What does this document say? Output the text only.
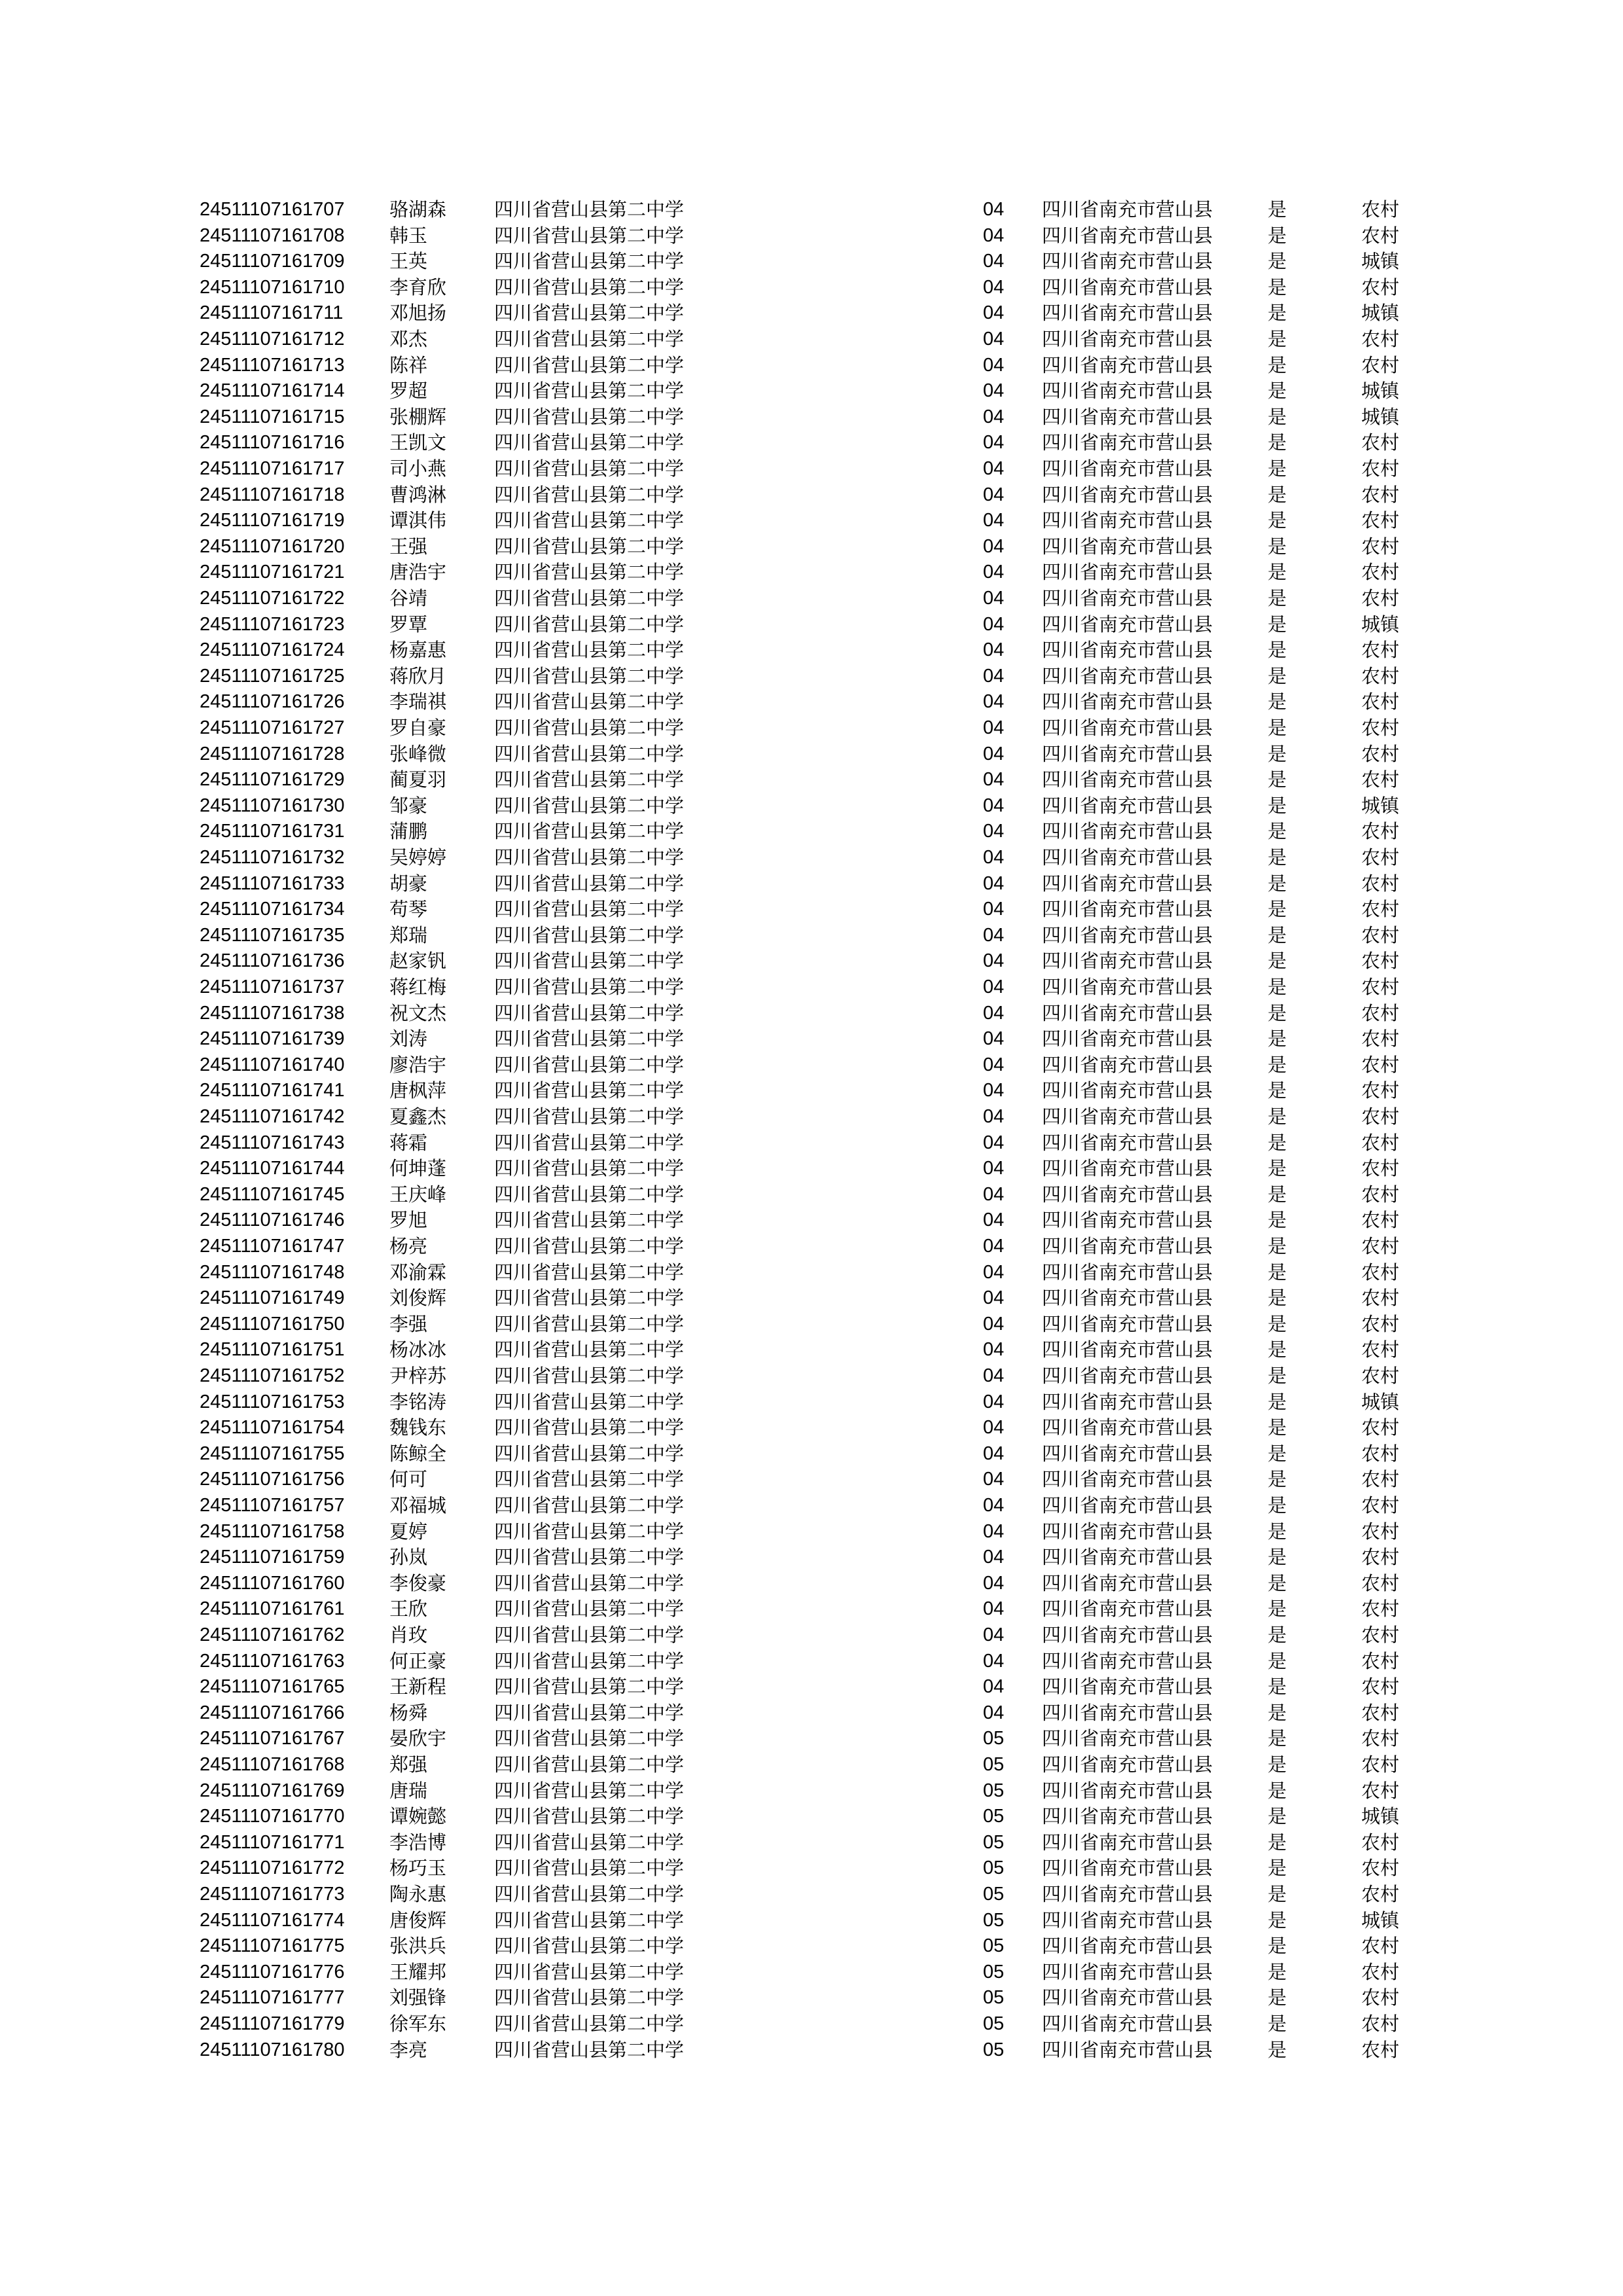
24511107161707 骆湖森	四川省营山县第二中学	04 四川省南充市营山县	是	农村
24511107161708 韩玉	四川省营山县第二中学	04 四川省南充市营山县	是	农村
24511107161709 王英	四川省营山县第二中学	04 四川省南充市营山县	是	城镇
24511107161710 李育欣	四川省营山县第二中学	04 四川省南充市营山县	是	农村
24511107161711 邓旭扬	四川省营山县第二中学	04 四川省南充市营山县	是	城镇
24511107161712 邓杰	四川省营山县第二中学	04 四川省南充市营山县	是	农村
24511107161713 陈祥	四川省营山县第二中学	04 四川省南充市营山县	是	农村
24511107161714 罗超	四川省营山县第二中学	04 四川省南充市营山县	是	城镇
24511107161715 张棚辉	四川省营山县第二中学	04 四川省南充市营山县	是	城镇
24511107161716 王凯文	四川省营山县第二中学	04 四川省南充市营山县	是	农村
24511107161717 司小燕	四川省营山县第二中学	04 四川省南充市营山县	是	农村
24511107161718 曹鸿淋	四川省营山县第二中学	04 四川省南充市营山县	是	农村
24511107161719 谭淇伟	四川省营山县第二中学	04 四川省南充市营山县	是	农村
24511107161720 王强	四川省营山县第二中学	04 四川省南充市营山县	是	农村
24511107161721 唐浩宇	四川省营山县第二中学	04 四川省南充市营山县	是	农村
24511107161722 谷靖	四川省营山县第二中学	04 四川省南充市营山县	是	农村
24511107161723 罗覃	四川省营山县第二中学	04 四川省南充市营山县	是	城镇
24511107161724 杨嘉惠	四川省营山县第二中学	04 四川省南充市营山县	是	农村
24511107161725 蒋欣月	四川省营山县第二中学	04 四川省南充市营山县	是	农村
24511107161726 李瑞祺	四川省营山县第二中学	04 四川省南充市营山县	是	农村
24511107161727 罗自豪	四川省营山县第二中学	04 四川省南充市营山县	是	农村
24511107161728 张峰微	四川省营山县第二中学	04 四川省南充市营山县	是	农村
24511107161729 蔺夏羽	四川省营山县第二中学	04 四川省南充市营山县	是	农村
24511107161730 邹豪	四川省营山县第二中学	04 四川省南充市营山县	是	城镇
24511107161731 蒲鹏	四川省营山县第二中学	04 四川省南充市营山县	是	农村
24511107161732 吴婷婷	四川省营山县第二中学	04 四川省南充市营山县	是	农村
24511107161733 胡豪	四川省营山县第二中学	04 四川省南充市营山县	是	农村
24511107161734 苟琴	四川省营山县第二中学	04 四川省南充市营山县	是	农村
24511107161735 郑瑞	四川省营山县第二中学	04 四川省南充市营山县	是	农村
24511107161736 赵家钒	四川省营山县第二中学	04 四川省南充市营山县	是	农村
24511107161737 蒋红梅	四川省营山县第二中学	04 四川省南充市营山县	是	农村
24511107161738 祝文杰	四川省营山县第二中学	04 四川省南充市营山县	是	农村
24511107161739 刘涛	四川省营山县第二中学	04 四川省南充市营山县	是	农村
24511107161740 廖浩宇	四川省营山县第二中学	04 四川省南充市营山县	是	农村
24511107161741 唐枫萍	四川省营山县第二中学	04 四川省南充市营山县	是	农村
24511107161742 夏鑫杰	四川省营山县第二中学	04 四川省南充市营山县	是	农村
24511107161743 蒋霜	四川省营山县第二中学	04 四川省南充市营山县	是	农村
24511107161744 何坤蓬	四川省营山县第二中学	04 四川省南充市营山县	是	农村
24511107161745 王庆峰	四川省营山县第二中学	04 四川省南充市营山县	是	农村
24511107161746 罗旭	四川省营山县第二中学	04 四川省南充市营山县	是	农村
24511107161747 杨亮	四川省营山县第二中学	04 四川省南充市营山县	是	农村
24511107161748 邓渝霖	四川省营山县第二中学	04 四川省南充市营山县	是	农村
24511107161749 刘俊辉	四川省营山县第二中学	04 四川省南充市营山县	是	农村
24511107161750 李强	四川省营山县第二中学	04 四川省南充市营山县	是	农村
24511107161751 杨冰冰	四川省营山县第二中学	04 四川省南充市营山县	是	农村
24511107161752 尹梓苏	四川省营山县第二中学	04 四川省南充市营山县	是	农村
24511107161753 李铭涛	四川省营山县第二中学	04 四川省南充市营山县	是	城镇
24511107161754 魏钱东	四川省营山县第二中学	04 四川省南充市营山县	是	农村
24511107161755 陈鲸全	四川省营山县第二中学	04 四川省南充市营山县	是	农村
24511107161756 何可	四川省营山县第二中学	04 四川省南充市营山县	是	农村
24511107161757 邓福城	四川省营山县第二中学	04 四川省南充市营山县	是	农村
24511107161758 夏婷	四川省营山县第二中学	04 四川省南充市营山县	是	农村
24511107161759 孙岚	四川省营山县第二中学	04 四川省南充市营山县	是	农村
24511107161760 李俊豪	四川省营山县第二中学	04 四川省南充市营山县	是	农村
24511107161761 王欣	四川省营山县第二中学	04 四川省南充市营山县	是	农村
24511107161762 肖玫	四川省营山县第二中学	04 四川省南充市营山县	是	农村
24511107161763 何正豪	四川省营山县第二中学	04 四川省南充市营山县	是	农村
24511107161765 王新程	四川省营山县第二中学	04 四川省南充市营山县	是	农村
24511107161766 杨舜	四川省营山县第二中学	04 四川省南充市营山县	是	农村
24511107161767 晏欣宇	四川省营山县第二中学	05 四川省南充市营山县	是	农村
24511107161768 郑强	四川省营山县第二中学	05 四川省南充市营山县	是	农村
24511107161769 唐瑞	四川省营山县第二中学	05 四川省南充市营山县	是	农村
24511107161770 谭婉懿	四川省营山县第二中学	05 四川省南充市营山县	是	城镇
24511107161771 李浩博	四川省营山县第二中学	05 四川省南充市营山县	是	农村
24511107161772 杨巧玉	四川省营山县第二中学	05 四川省南充市营山县	是	农村
24511107161773 陶永惠	四川省营山县第二中学	05 四川省南充市营山县	是	农村
24511107161774 唐俊辉	四川省营山县第二中学	05 四川省南充市营山县	是	城镇
24511107161775 张洪兵	四川省营山县第二中学	05 四川省南充市营山县	是	农村
24511107161776 王耀邦	四川省营山县第二中学	05 四川省南充市营山县	是	农村
24511107161777 刘强锋	四川省营山县第二中学	05 四川省南充市营山县	是	农村
24511107161779 徐军东	四川省营山县第二中学	05 四川省南充市营山县	是	农村
24511107161780 李亮	四川省营山县第二中学	05 四川省南充市营山县	是	农村
